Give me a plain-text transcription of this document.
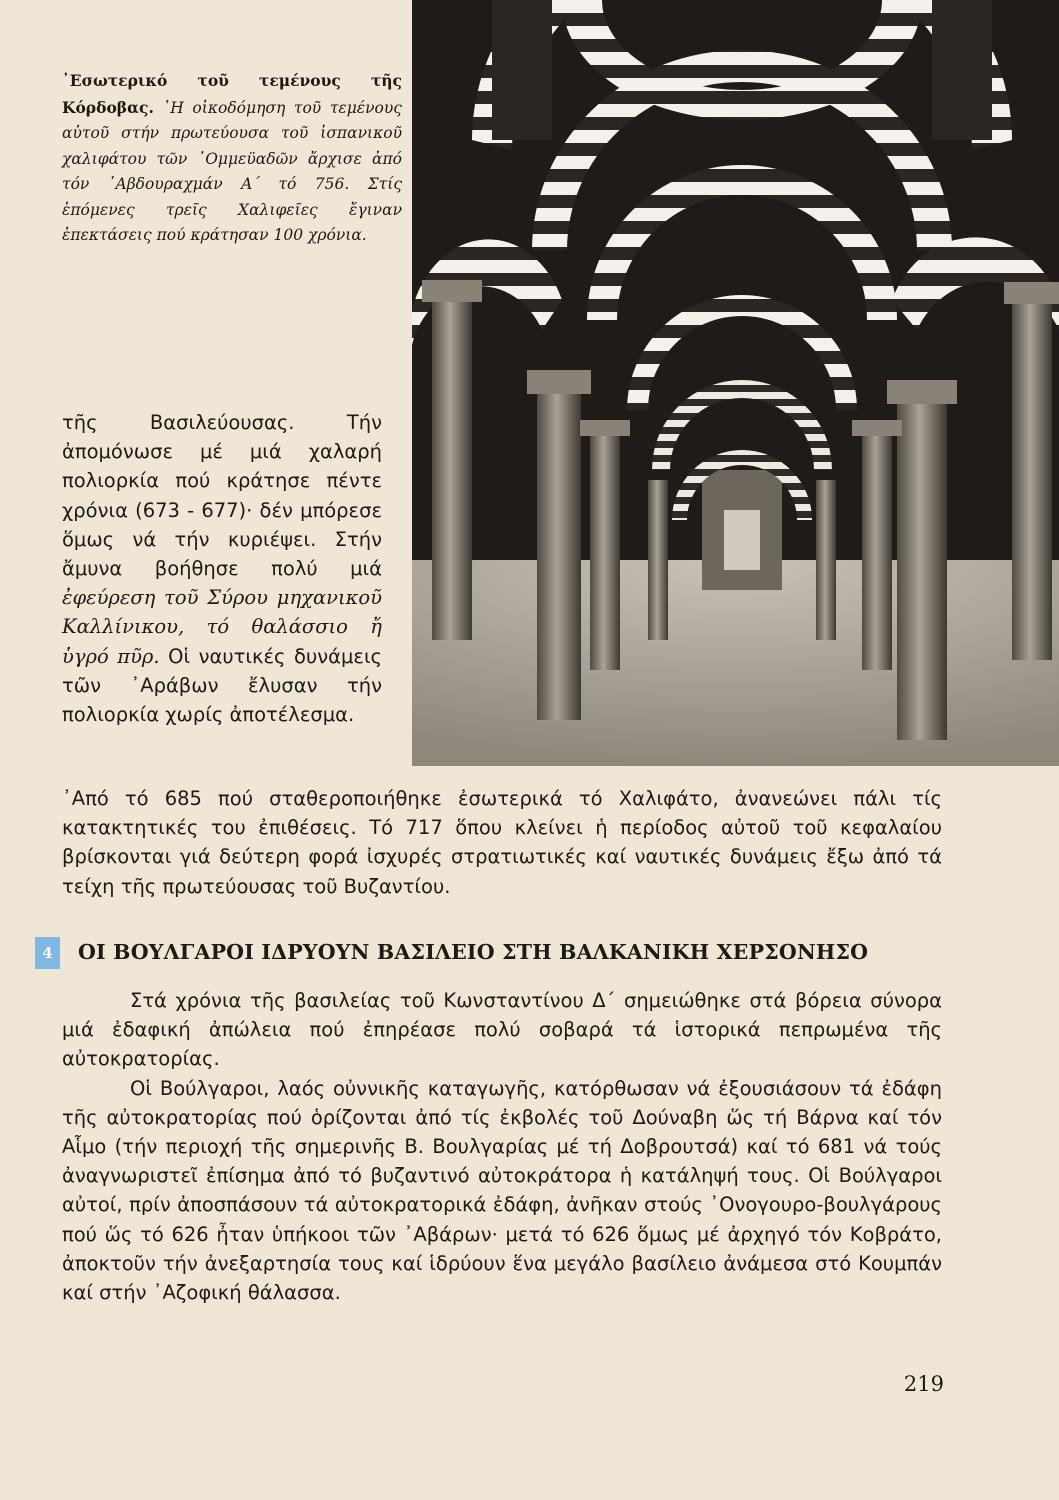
᾿Εσωτερικό τοῦ τεμένους τῆς Κόρδοβας. ῾Η οἰκοδόμηση τοῦ τεμένους αὐτοῦ στήν πρωτεύουσα τοῦ ἱσπανικοῦ χαλιφάτου τῶν ᾿Ομμεϋαδῶν ἄρχισε ἀπό τόν ᾿Αβδουραχμάν Α΄ τό 756. Στίς ἑπόμενες τρεῖς Χαλιφεῖες ἔγιναν ἐπεκτάσεις πού κράτησαν 100 χρόνια.

τῆς Βασιλεύουσας. Τήν ἀπομόνωσε μέ μιά χαλαρή πολιορκία πού κράτησε πέντε χρόνια (673 - 677)· δέν μπόρεσε ὅμως νά τήν κυριέψει. Στήν ἄμυνα βοήθησε πολύ μιά ἐφεύρεση τοῦ Σύρου μηχανικοῦ Καλλίνικου, τό θαλάσσιο ἤ ὑγρό πῦρ. Οἱ ναυτικές δυνάμεις τῶν ᾿Αράβων ἔλυσαν τήν πολιορκία χωρίς ἀποτέλεσμα.

᾿Από τό 685 πού σταθεροποιήθηκε ἐσωτερικά τό Χαλιφάτο, ἀνανεώνει πάλι τίς κατακτητικές του ἐπιθέσεις. Τό 717 ὅπου κλείνει ἡ περίοδος αὐτοῦ τοῦ κεφαλαίου βρίσκονται γιά δεύτερη φορά ἰσχυρές στρατιωτικές καί ναυτικές δυνάμεις ἔξω ἀπό τά τείχη τῆς πρωτεύουσας τοῦ Βυζαντίου.

4	ΟΙ ΒΟΥΛΓΑΡΟΙ ΙΔΡΥΟΥΝ ΒΑΣΙΛΕΙΟ ΣΤΗ ΒΑΛΚΑΝΙΚΗ ΧΕΡΣΟΝΗΣΟ

Στά χρόνια τῆς βασιλείας τοῦ Κωνσταντίνου Δ΄ σημειώθηκε στά βόρεια σύνορα μιά ἐδαφική ἀπώλεια πού ἐπηρέασε πολύ σοβαρά τά ἱστορικά πεπρωμένα τῆς αὐτοκρατορίας.

Οἱ Βούλγαροι, λαός οὐννικῆς καταγωγῆς, κατόρθωσαν νά ἐξουσιάσουν τά ἐδάφη τῆς αὐτοκρατορίας πού ὁρίζονται ἀπό τίς ἐκβολές τοῦ Δούναβη ὥς τή Βάρνα καί τόν Αἷμο (τήν περιοχή τῆς σημερινῆς Β. Βουλγαρίας μέ τή Δοβρουτσά) καί τό 681 νά τούς ἀναγνωριστεῖ ἐπίσημα ἀπό τό βυζαντινό αὐτοκράτορα ἡ κατάληψή τους. Οἱ Βούλγαροι αὐτοί, πρίν ἀποσπάσουν τά αὐτοκρατορικά ἐδάφη, ἀνῆκαν στούς ᾿Ονογουρο-βουλγάρους πού ὥς τό 626 ἦταν ὑπήκοοι τῶν ᾿Αβάρων· μετά τό 626 ὅμως μέ ἀρχηγό τόν Κοβράτο, ἀποκτοῦν τήν ἀνεξαρτησία τους καί ἱδρύουν ἕνα μεγάλο βασίλειο ἀνάμεσα στό Κουμπάν καί στήν ᾿Αζοφική θάλασσα.

219
